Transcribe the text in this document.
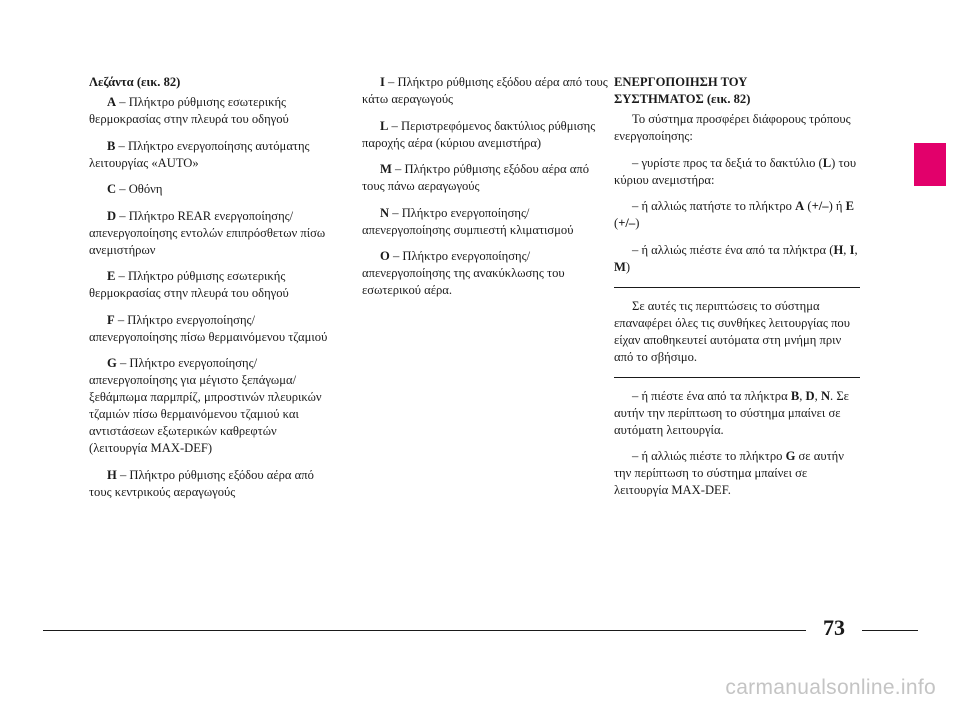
Λεζάντα (εικ. 82)

A – Πλήκτρο ρύθμισης εσωτερικής θερμοκρασίας στην πλευρά του οδηγού

B – Πλήκτρο ενεργοποίησης αυτόματης λειτουργίας «AUTO»

C – Οθόνη

D – Πλήκτρο REAR ενεργοποίησης/απενεργοποίησης εντολών επιπρόσθετων πίσω ανεμιστήρων

E – Πλήκτρο ρύθμισης εσωτερικής θερμοκρασίας στην πλευρά του οδηγού

F – Πλήκτρο ενεργοποίησης/απενεργοποίησης πίσω θερμαινόμενου τζαμιού

G – Πλήκτρο ενεργοποίησης/απενεργοποίησης για μέγιστο ξεπάγωμα/ξεθάμπωμα παρμπρίζ, μπροστινών πλευρικών τζαμιών πίσω θερμαινόμενου τζαμιού και αντιστάσεων εξωτερικών καθρεφτών (λειτουργία MAX-DEF)

H – Πλήκτρο ρύθμισης εξόδου αέρα από τους κεντρικούς αεραγωγούς

I – Πλήκτρο ρύθμισης εξόδου αέρα από τους κάτω αεραγωγούς

L – Περιστρεφόμενος δακτύλιος ρύθμισης παροχής αέρα (κύριου ανεμιστήρα)

M – Πλήκτρο ρύθμισης εξόδου αέρα από τους πάνω αεραγωγούς

N – Πλήκτρο ενεργοποίησης/απενεργοποίησης συμπιεστή κλιματισμού

O – Πλήκτρο ενεργοποίησης/απενεργοποίησης της ανακύκλωσης του εσωτερικού αέρα.

ΕΝΕΡΓΟΠΟΙΗΣΗ ΤΟΥ
ΣΥΣΤΗΜΑΤΟΣ (εικ. 82)

Το σύστημα προσφέρει διάφορους τρόπους ενεργοποίησης:

– γυρίστε προς τα δεξιά το δακτύλιο (L) του κύριου ανεμιστήρα:

– ή αλλιώς πατήστε το πλήκτρο A (+/–) ή E (+/–)

– ή αλλιώς πιέστε ένα από τα πλήκτρα (H, I, M)

Σε αυτές τις περιπτώσεις το σύστημα επαναφέρει όλες τις συνθήκες λειτουργίας που είχαν αποθηκευτεί αυτόματα στη μνήμη πριν από το σβήσιμο.

– ή πιέστε ένα από τα πλήκτρα B, D, N. Σε αυτήν την περίπτωση το σύστημα μπαίνει σε αυτόματη λειτουργία.

– ή αλλιώς πιέστε το πλήκτρο G σε αυτήν την περίπτωση το σύστημα μπαίνει σε λειτουργία MAX-DEF.

73
carmanualsonline.info
